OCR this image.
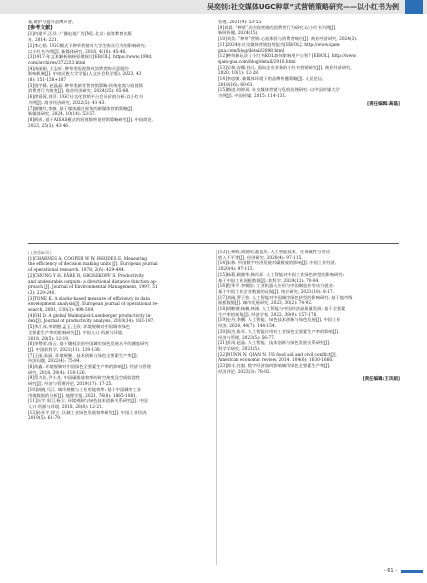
吴奕钊:社交媒体UGC种草“式营销策略研究——以小红书为例

案,维护与提升品牌声誉。

[参考文献]

[1]何建平,汪洋. 广播电视广告[M]. 北京: 高等教育出版

社, 2014: 221.

[2]李心悦. UGC模式下种草营销对大学生购买行为的影响研究:

以小红书为例[J]. 新媒体研究, 2018, 4(10): 45-46.

[3]1917-年文本解析阐释原理探讨[EB/OL]. https://www.199it.

com/archives/372233.html

[4]汤丽娟, 王志轩. 种草类短视频对消费者购买意愿的

影响机制[J]. 中南民族大学学报(人文社会科学版), 2023, 43

(8): 151-158+187

[5]钱宇静, 赵晶晶. 种草类新零售营销策略:传统电商与短视频

消费者行为演变[J]. 商业经济研究, 2024(25): 85-88.

[6]徐蓉蓉,刘萍. UGC社交化营销平台会员价值分析:以小红书

为例[J]. 商业经济研究, 2022(5): 41-43.

[7]姚继红,李敏. 基于媒体融合视角的新媒体营销策略[J].

新媒体研究, 2024, 10(14): 53-57.

[8]阿成. 基于AISAS模式的短视频带货营销策略研究[J]. 中国商论,

2023, 25(3): 43-46.

管理, 2021(4): 53-55.

[9]刘晨. “种草”式内容营销的消费者行为研究:以小红书为例[J].

新闻传播, 2024(15).

[10]刘美. “种草”营销:心流体验与消费者响应[J]. 商业经济研究, 2024(3).

[11]2024年社交媒体营销趋势报告[EB/OL]. http://www.sjam-

gua.com/blog/detail/2898.html

[12]种草新玩法 | 小红书KOL如何影响用户心智? [EB/OL]. http://www.

sjam-gua.com/blog/detail/2910.html

[13]吴林,安娜,孙兵. 面向企业业务的小红书营销研究[J]. 商业经济研究,

2020, 10(1): 12-28.

[14]李思敏. 新媒体环境下的品牌传播策略[J]. 人民论坛,

2018(16): 60-61.

[15]梅进,何婷玥. 社交媒体营销与危机处理研究: 以中国传媒大学

为例[J]. 中国传媒, 2015: 114-131.

[责任编辑:高磊]

(上接第40页)

[1]CHARNES A, COOPER W W, RHODES E. Measuring

the efficiency of decision making units [J]. European journal

of operational research, 1978, 2(6): 429-444.

[2]CHUNG Y H, FÄRE R, GROSSKOPF S. Productivity

and undesirable outputs: a directional distance function ap-

proach [J]. Journal of Environmental Management, 1997, 51

(3): 229-240.

[3]TONE K. A slacks-based measure of efficiency in data

envelopment analysis[J]. European journal of operational re-

search, 2001, 130(3): 498-509.

[4]OH D. A global Malmquist-Luenberger productivity in-

dex[J]. Journal of productivity analysis, 2010(34): 183-197.

[5]李江冰,李炳德,孟玉,王欣. 环境规制对中国城市绿色

全要素生产率的影响研究[J]. 中国人口·资源与环境,

2018, 28(5): 12-19.

[6]李赞荣,南云. 基于熵权法的中国城市绿色发展水平的测度研究

[J]. 中国软科学, 2021(11): 129-138.

[7]王丽,朱丽. 环境规制、技术创新与绿色全要素生产率[J].

经济问题, 2022(4): 75-84.

[8]尚鑫. 环境规制对中国绿色全要素生产率的影响[J]. 经济与管理

研究, 2018, 39(4): 118-126.

[9]蔡为民,尹小龙. 中国碳排放效率的时空演变及空间收敛性

研究[J]. 经济与管理评论, 2019(17): 17-25.

[10]胡晓,马江. 城市规模与工业用地效率: 基于中国城市工业

用地数据的分析[J]. 地理学报, 2021, 76(8): 1865-1881.

[11]冯宇,周卫,杨卫. 环境规制与绿色技术创新关系研究[J]. 中国

人口·资源与环境, 2018, 28(8): 12-21.

[12]孙亚平,徐立. 区域工业绿色发展效率研究[J]. 中国工业经济,

2019(5): 61-79.

[13]王林辉,胡晟明,董直庆. 人工智能技术、任务属性与劳动

收入不平等[J]. 经济研究, 2020(4): 97-115.

[14]朱林. 中国数字经济发展对碳排放的影响[J]. 中国工业经济,

2020(4): 97-115.

[15]杨莉,顾晓华,韩丙祥. 人工智能对中国工业绿色转型的影响研究:

基于中国工业面板数据[J]. 软科学, 2024(12): 70-84.

[16]程华平,李朝阳. 工业机器人应用与中国制造业劳动力就业:

基于中国工业企业数据的证据[J]. 统计研究, 2021(10): 8-17.

[17]刘刚,罗子怡. 人工智能对中国城市绿色转型的影响研究: 基于地市级

面板数据[J]. 城市发展研究, 2023, 30(2): 74-92.

[18]胡鞍钢,杨楠,林刚. 人工智能与中国经济高质量发展: 基于全要素

生产率的视角[J]. 经济学家, 2022, 39(9): 157-176.

[19]史丹,李鹏. 人工智能、绿色技术创新与绿色发展[J]. 中国工业

经济, 2024, 44(7): 144-154.

[20]周杰,陈军. 人工智能应用对工业绿色全要素生产率的影响[J].

经济与管理, 2023(5): 56-77.

[21]苏涛,赵晶. 人工智能、技术创新与绿色发展关系研究[J].

科学学研究, 2021(5).

[22]NUNN N, QIAN N. US food aid and civil conflict[J].

American economic review, 2014, 104(6): 1630-1666.

[23]郭丰,任毅. 数字经济如何影响城市绿色全要素生产率[J].

经济评论, 2023(3): 78-92.

[责任编辑:王凤娟]

- 61 -
